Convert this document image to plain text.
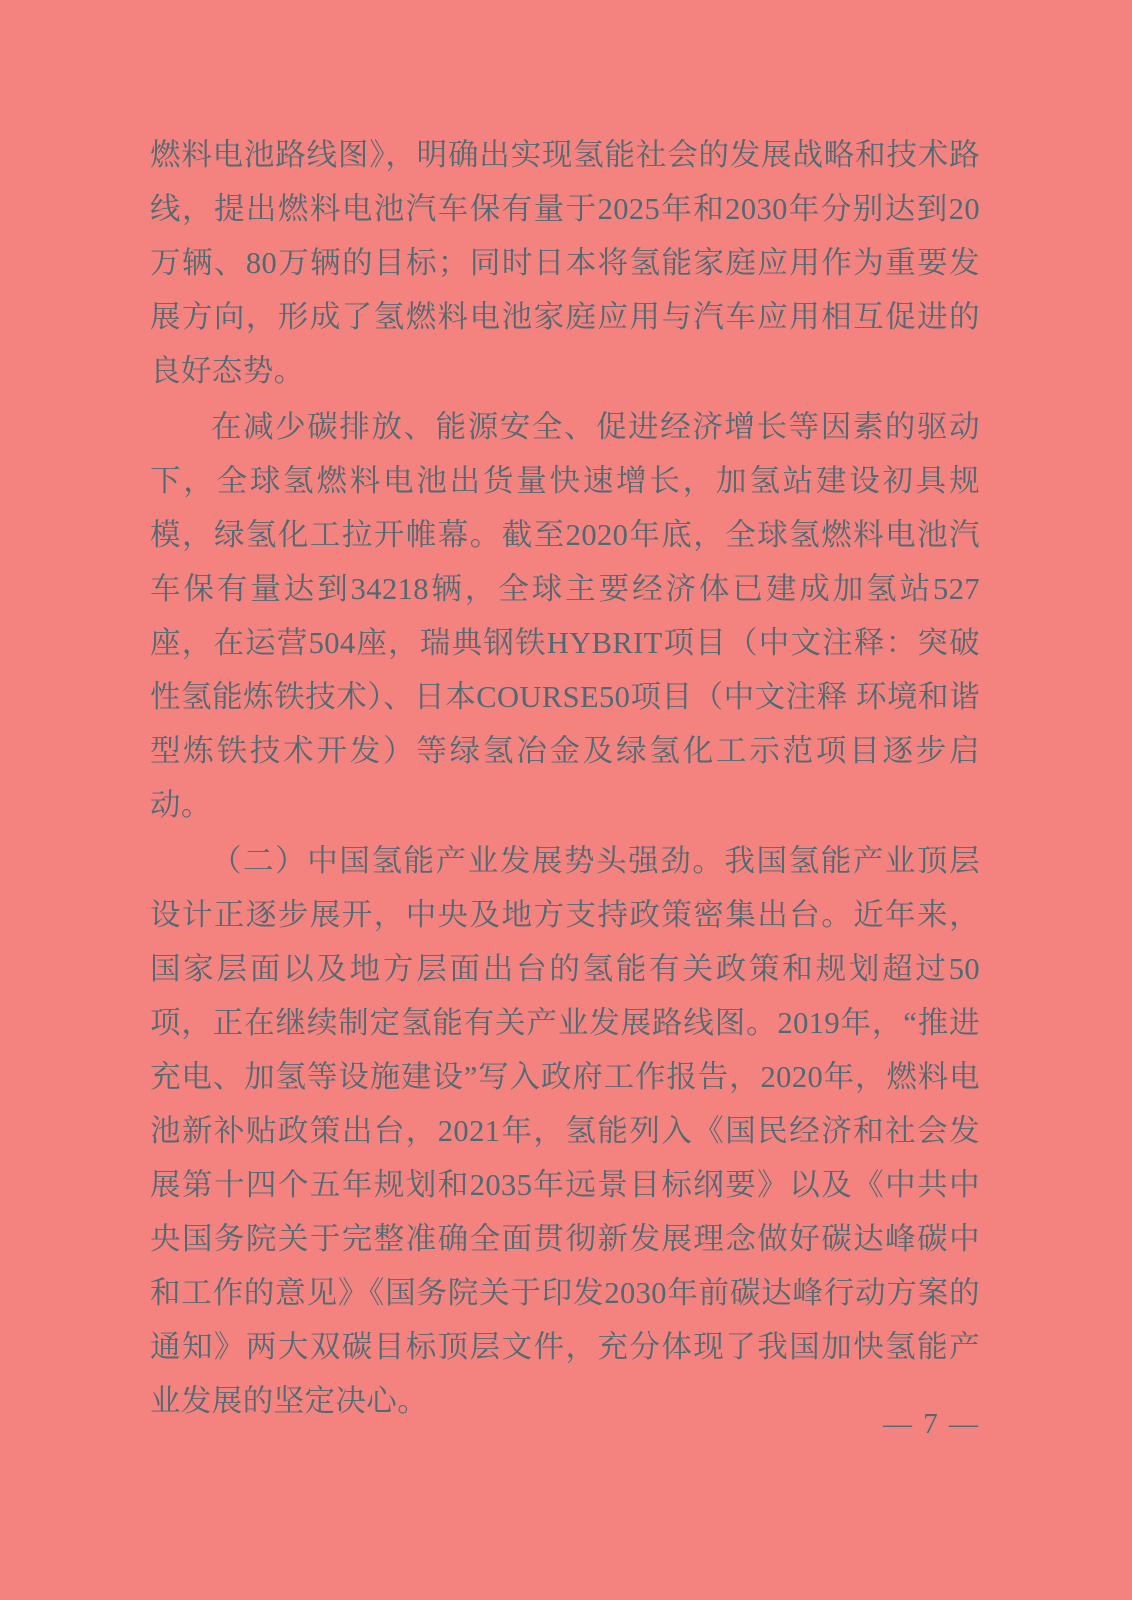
燃料电池路线图》，明确出实现氢能社会的发展战略和技术路线，提出燃料电池汽车保有量于2025年和2030年分别达到20万辆、80万辆的目标；同时日本将氢能家庭应用作为重要发展方向，形成了氢燃料电池家庭应用与汽车应用相互促进的良好态势。

在减少碳排放、能源安全、促进经济增长等因素的驱动下，全球氢燃料电池出货量快速增长，加氢站建设初具规模，绿氢化工拉开帷幕。截至2020年底，全球氢燃料电池汽车保有量达到34218辆，全球主要经济体已建成加氢站527座，在运营504座，瑞典钢铁HYBRIT项目（中文注释：突破性氢能炼铁技术）、日本COURSE50项目（中文注释 环境和谐型炼铁技术开发）等绿氢冶金及绿氢化工示范项目逐步启动。

（二）中国氢能产业发展势头强劲。我国氢能产业顶层设计正逐步展开，中央及地方支持政策密集出台。近年来，国家层面以及地方层面出台的氢能有关政策和规划超过50项，正在继续制定氢能有关产业发展路线图。2019年，“推进充电、加氢等设施建设”写入政府工作报告，2020年，燃料电池新补贴政策出台，2021年，氢能列入《国民经济和社会发展第十四个五年规划和2035年远景目标纲要》以及《中共中央国务院关于完整准确全面贯彻新发展理念做好碳达峰碳中和工作的意见》《国务院关于印发2030年前碳达峰行动方案的通知》两大双碳目标顶层文件，充分体现了我国加快氢能产业发展的坚定决心。

— 7 —
